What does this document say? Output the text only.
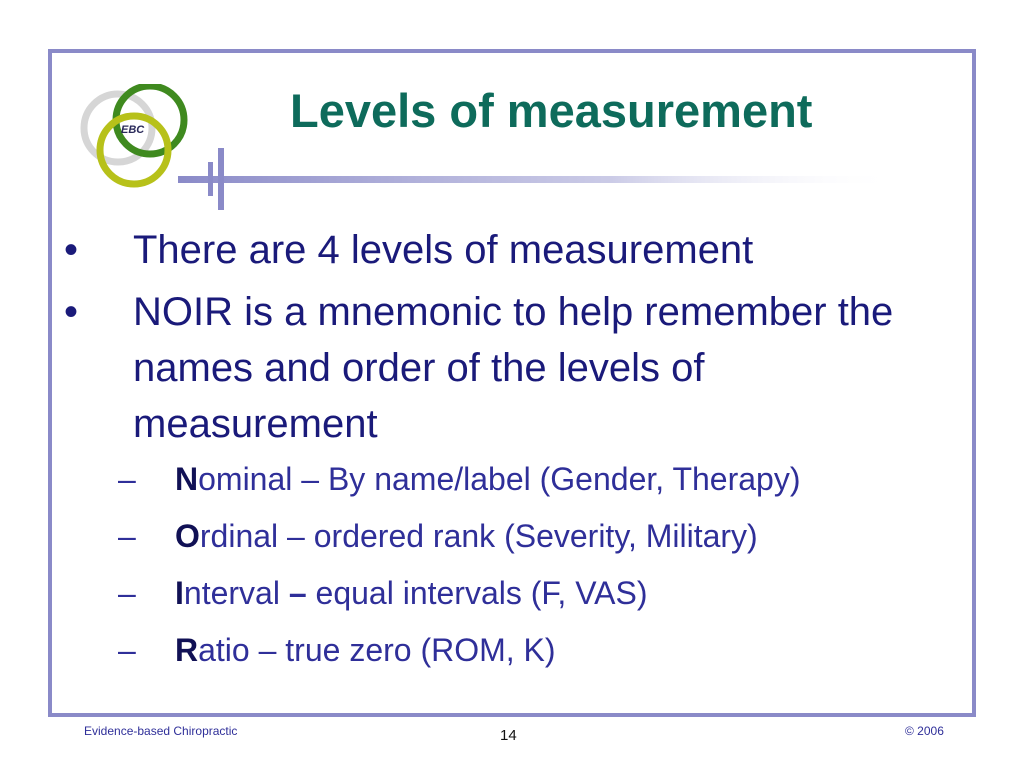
EBC	Levels of measurement
• There are 4 levels of measurement
• NOIR is a mnemonic to help remember the names and order of the levels of measurement
– Nominal – By name/label (Gender, Therapy)
– Ordinal – ordered rank (Severity, Military)
– Interval – equal intervals (F, VAS)
– Ratio – true zero (ROM, K)
Evidence-based Chiropractic	14	© 2006
